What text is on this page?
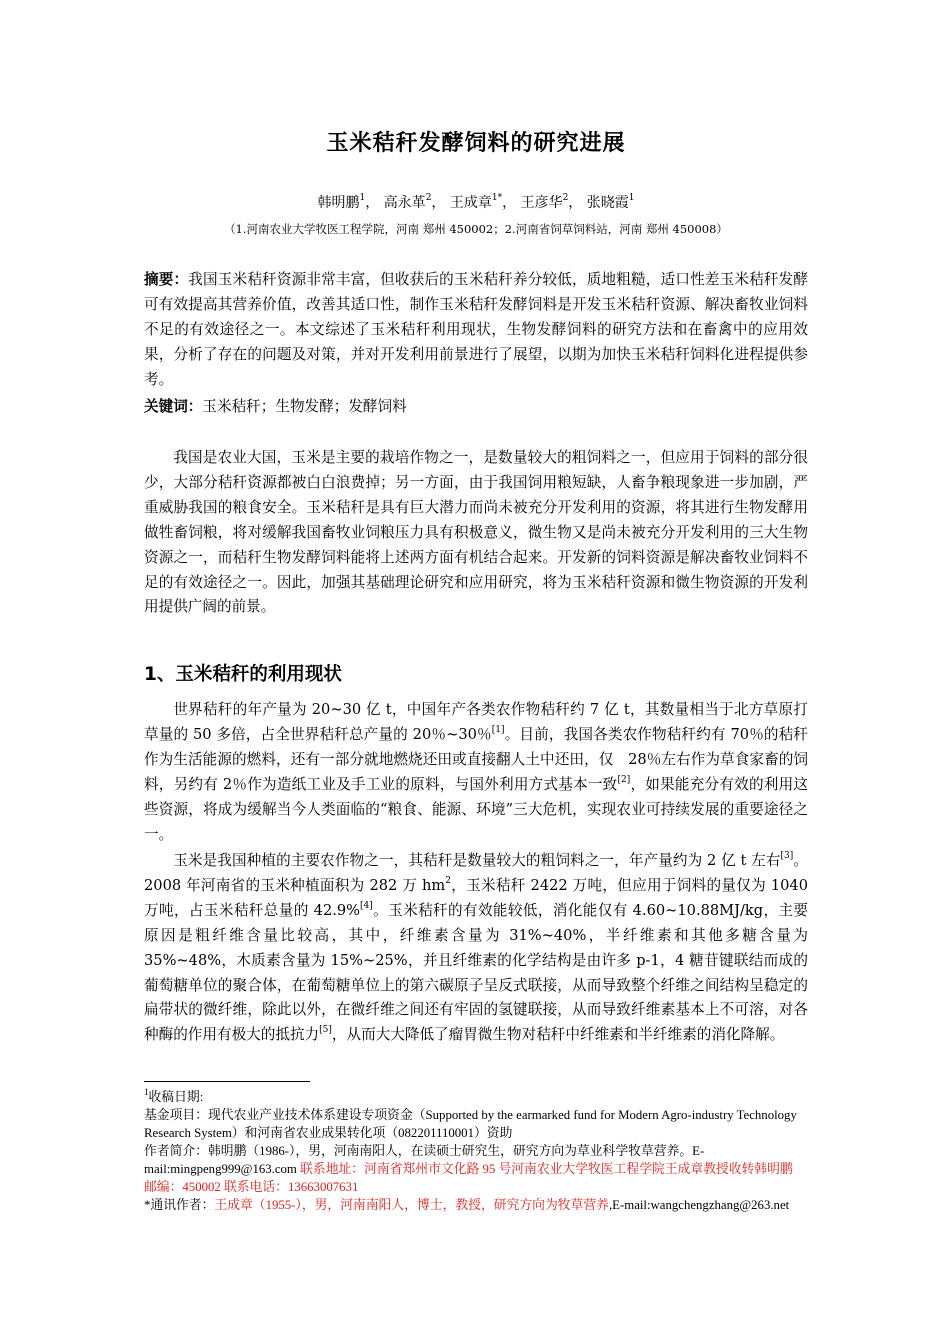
玉米秸秆发酵饲料的研究进展
韩明鹏$^1$， 高永革$^2$， 王成章$^{1*}$， 王彦华$^2$， 张晓霞$^1$
（1.河南农业大学牧医工程学院，河南 郑州 450002；2.河南省饲草饲料站，河南 郑州 450008）
摘要：我国玉米秸秆资源非常丰富，但收获后的玉米秸秆养分较低，质地粗糙，适口性差玉米秸秆发酵可有效提高其营养价值，改善其适口性，制作玉米秸秆发酵饲料是开发玉米秸秆资源、解决畜牧业饲料不足的有效途径之一。本文综述了玉米秸秆利用现状，生物发酵饲料的研究方法和在畜禽中的应用效果，分析了存在的问题及对策，并对开发利用前景进行了展望，以期为加快玉米秸秆饲料化进程提供参考。
关键词：玉米秸秆；生物发酵；发酵饲料
我国是农业大国，玉米是主要的栽培作物之一，是数量较大的粗饲料之一，但应用于饲料的部分很少，大部分秸秆资源都被白白浪费掉；另一方面，由于我国饲用粮短缺，人畜争粮现象进一步加剧，严重威胁我国的粮食安全。玉米秸秆是具有巨大潜力而尚未被充分开发利用的资源，将其进行生物发酵用做牲畜饲粮，将对缓解我国畜牧业饲粮压力具有积极意义，微生物又是尚未被充分开发利用的三大生物资源之一，而秸秆生物发酵饲料能将上述两方面有机结合起来。开发新的饲料资源是解决畜牧业饲料不足的有效途径之一。因此，加强其基础理论研究和应用研究，将为玉米秸秆资源和微生物资源的开发利用提供广阔的前景。
1、玉米秸秆的利用现状
世界秸秆的年产量为 20~30 亿 t，中国年产各类农作物秸秆约 7 亿 t，其数量相当于北方草原打草量的 50 多倍，占全世界秸秆总产量的 20％~30％[1]。目前，我国各类农作物秸秆约有 70％的秸秆作为生活能源的燃料，还有一部分就地燃烧还田或直接翻人土中还田，仅　28％左右作为草食家畜的饲料，另约有 2％作为造纸工业及手工业的原料，与国外利用方式基本一致[2]，如果能充分有效的利用这些资源，将成为缓解当今人类面临的“粮食、能源、环境”三大危机，实现农业可持续发展的重要途径之一。
玉米是我国种植的主要农作物之一，其秸秆是数量较大的粗饲料之一，年产量约为 2 亿 t 左右[3]。2008 年河南省的玉米种植面积为 282 万 $hm^2$，玉米秸秆 2422 万吨，但应用于饲料的量仅为 1040 万吨，占玉米秸秆总量的 42.9%[4]。玉米秸秆的有效能较低，消化能仅有 4.60~10.88MJ/kg，主要原因是粗纤维含量比较高，其中，纤维素含量为 31%~40%，半纤维素和其他多糖含量为 35%~48%，木质素含量为 15%~25%，并且纤维素的化学结构是由许多 p-1，4 糖苷键联结而成的葡萄糖单位的聚合体，在葡萄糖单位上的第六碳原子呈反式联接，从而导致整个纤维之间结构呈稳定的扁带状的微纤维，除此以外，在微纤维之间还有牢固的氢键联接，从而导致纤维素基本上不可溶，对各种酶的作用有极大的抵抗力[5]，从而大大降低了瘤胃微生物对秸秆中纤维素和半纤维素的消化降解。
$^1$收稿日期:
基金项目：现代农业产业技术体系建设专项资金（Supported by the earmarked fund for Modern Agro-industry Technology Research System）和河南省农业成果转化项（082201110001）资助
作者简介：韩明鹏（1986-），男，河南南阳人，在读硕士研究生，研究方向为草业科学牧草营养。E-mail:mingpeng999@163.com 联系地址：河南省郑州市文化路 95 号河南农业大学牧医工程学院王成章教授收转韩明鹏　邮编：450002 联系电话：13663007631
*通讯作者：王成章（1955-），男，河南南阳人，博士，教授，研究方向为牧草营养,E-mail:wangchengzhang@263.net
